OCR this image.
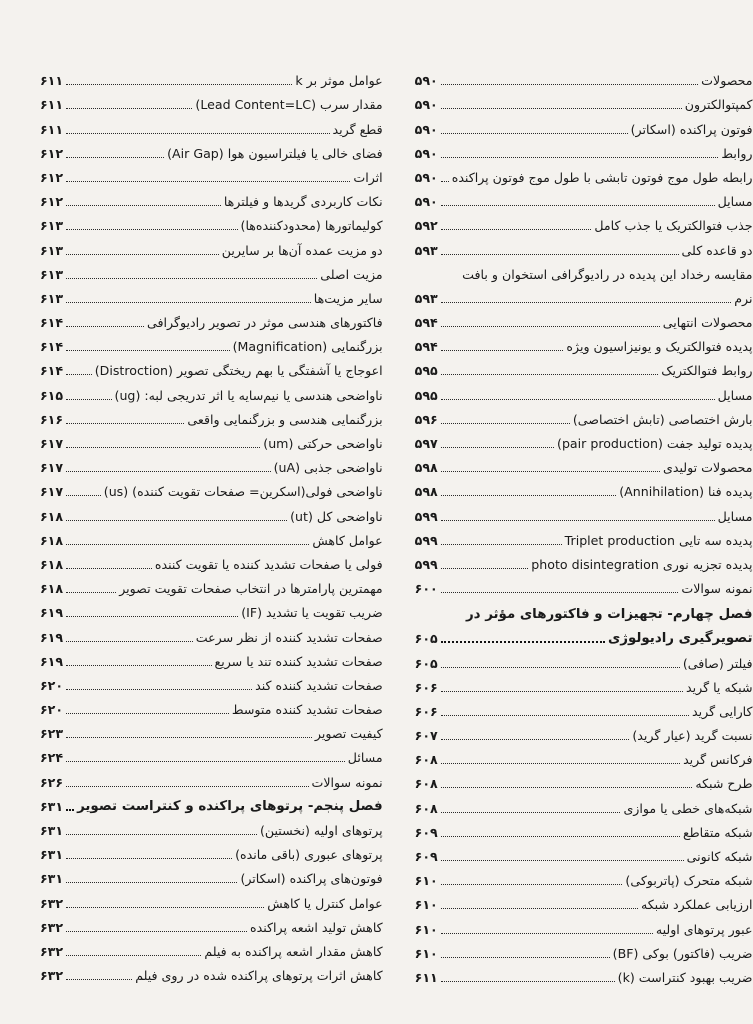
عوامل موثر بر k
۶۱۱
مقدار سرب (Lead Content=LC)
۶۱۱
قطع گرید
۶۱۱
فضای خالی یا فیلتراسیون هوا (Air Gap)
۶۱۲
اثرات
۶۱۲
نکات کاربردی گریدها و فیلترها
۶۱۲
کولیماتورها (محدودکننده‌ها)
۶۱۳
دو مزیت عمده آن‌ها بر سایرین
۶۱۳
مزیت اصلی
۶۱۳
سایر مزیت‌ها
۶۱۳
فاکتورهای هندسی موثر در تصویر رادیوگرافی
۶۱۴
بزرگنمایی (Magnification)
۶۱۴
اعوجاج یا آشفتگی یا بهم ریختگی تصویر (Distroction)
۶۱۴
ناواضحی هندسی یا نیم‌سایه یا اثر تدریجی لبه: (ug)
۶۱۵
بزرگنمایی هندسی و بزرگنمایی واقعی
۶۱۶
ناواضحی حرکتی (um)
۶۱۷
ناواضحی جذبی (uA)
۶۱۷
ناواضحی فولی(اسکرین= صفحات تقویت کننده) (us)
۶۱۷
ناواضحی کل (ut)
۶۱۸
عوامل کاهش
۶۱۸
فولی یا صفحات تشدید کننده یا تقویت کننده
۶۱۸
مهمترین پارامترها در انتخاب صفحات تقویت تصویر
۶۱۸
ضریب تقویت یا تشدید (IF)
۶۱۹
صفحات تشدید کننده از نظر سرعت
۶۱۹
صفحات تشدید کننده تند یا سریع
۶۱۹
صفحات تشدید کننده کند
۶۲۰
صفحات تشدید کننده متوسط
۶۲۰
کیفیت تصویر
۶۲۳
مسائل
۶۲۴
نمونه سوالات
۶۲۶
فصل پنجم- پرتوهای پراکنده و کنتراست تصویر
۶۳۱
پرتوهای اولیه (نخستین)
۶۳۱
پرتوهای عبوری (باقی مانده)
۶۳۱
فوتون‌های پراکنده (اسکاتر)
۶۳۱
عوامل کنترل یا کاهش
۶۳۲
کاهش تولید اشعه پراکنده
۶۳۲
کاهش مقدار اشعه پراکنده به فیلم
۶۳۲
کاهش اثرات پرتوهای پراکنده شده در روی فیلم
۶۳۲
محصولات
۵۹۰
کمپتوالکترون
۵۹۰
فوتون پراکنده (اسکاتر)
۵۹۰
روابط
۵۹۰
رابطه طول موج فوتون تابشی با طول موج فوتون پراکنده
۵۹۰
مسایل
۵۹۰
جذب فتوالکتریک یا جذب کامل
۵۹۲
دو قاعده کلی
۵۹۳
مقایسه رخداد این پدیده در رادیوگرافی استخوان و بافت
نرم
۵۹۳
محصولات انتهایی
۵۹۴
پدیده فتوالکتریک و یونیزاسیون ویژه
۵۹۴
روابط فتوالکتریک
۵۹۵
مسایل
۵۹۵
بارش اختصاصی (تابش اختصاصی)
۵۹۶
پدیده تولید جفت (pair production)
۵۹۷
محصولات تولیدی
۵۹۸
پدیده فنا (Annihilation)
۵۹۸
مسایل
۵۹۹
پدیده سه تایی Triplet production
۵۹۹
پدیده تجزیه نوری photo disintegration
۵۹۹
نمونه سوالات
۶۰۰
فصل چهارم- تجهیزات و فاکتورهای مؤثر در
تصویرگیری رادیولوژی
۶۰۵
فیلتر (صافی)
۶۰۵
شبکه یا گرید
۶۰۶
کارایی گرید
۶۰۶
نسبت گرید (عیار گرید)
۶۰۷
فرکانس گرید
۶۰۸
طرح شبکه
۶۰۸
شبکه‌های خطی یا موازی
۶۰۸
شبکه متقاطع
۶۰۹
شبکه کانونی
۶۰۹
شبکه متحرک (پاتربوکی)
۶۱۰
ارزیابی عملکرد شبکه
۶۱۰
عبور پرتوهای اولیه
۶۱۰
ضریب (فاکتور) بوکی (BF)
۶۱۰
ضریب بهبود کنتراست (k)
۶۱۱
